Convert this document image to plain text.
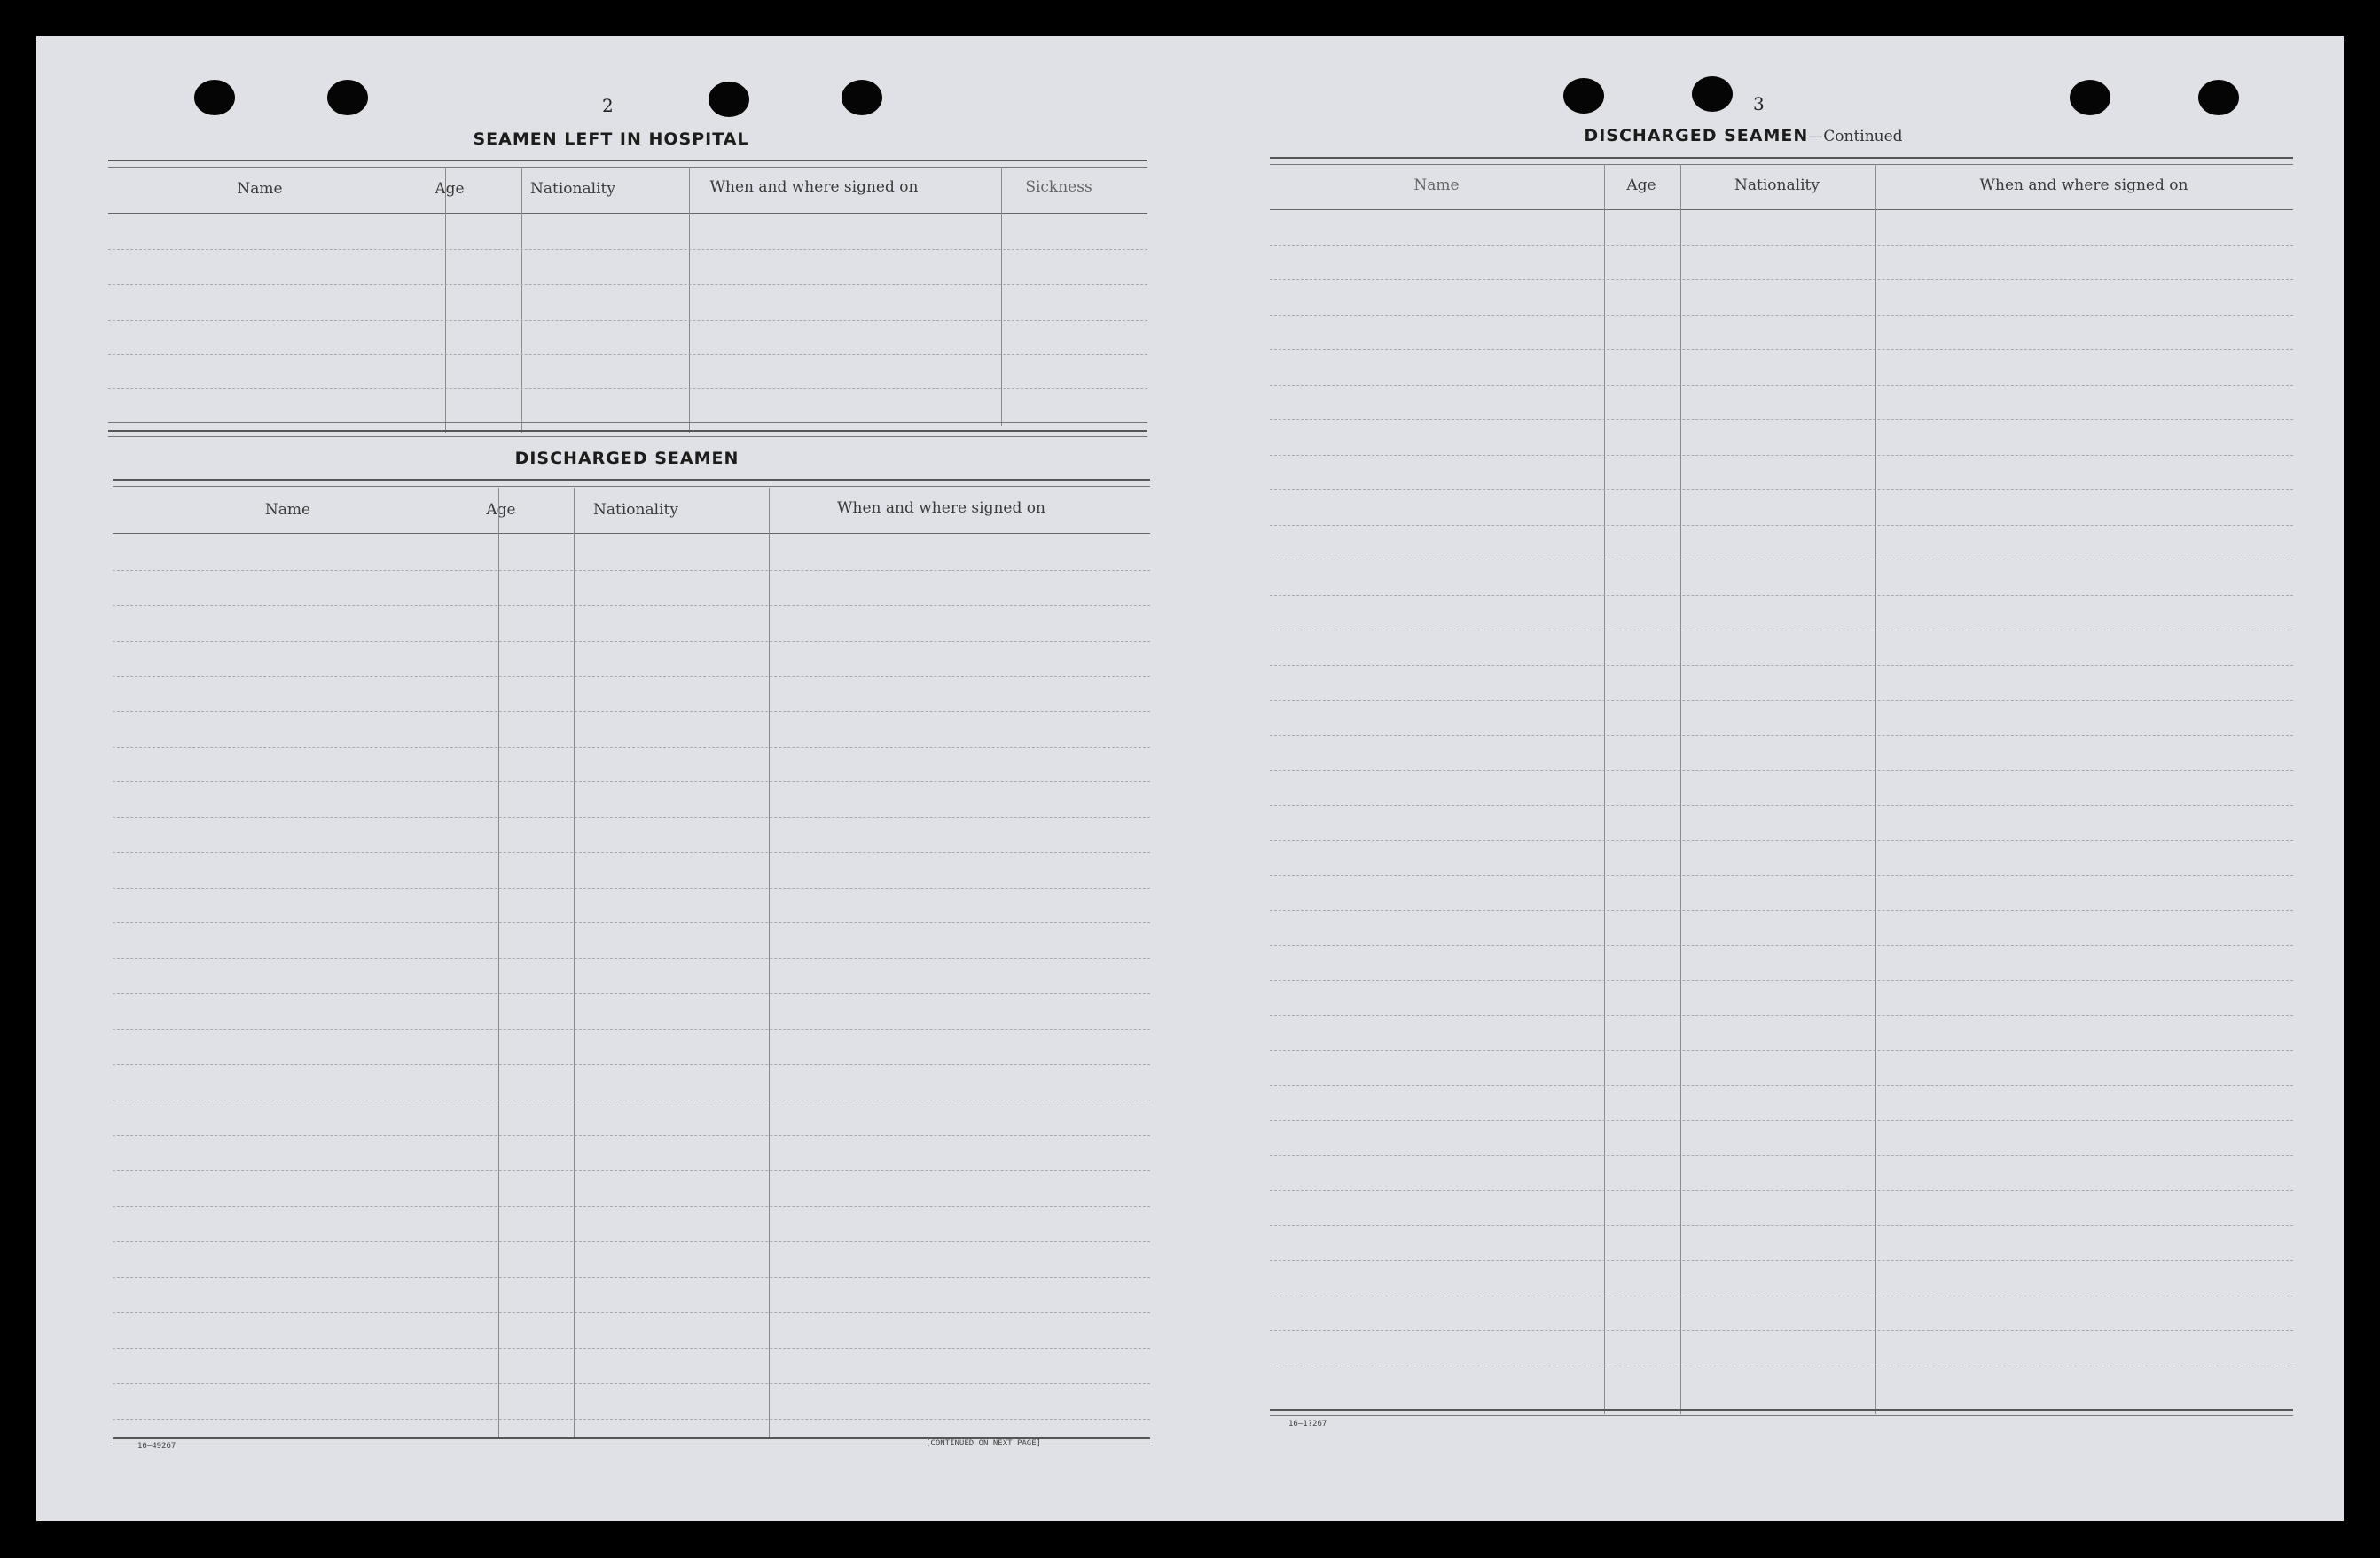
2
SEAMEN LEFT IN HOSPITAL
Name	Age	Nationality	When and where signed on	Sickness
DISCHARGED SEAMEN
Name	Age	Nationality	When and where signed on
16—49267	[CONTINUED ON NEXT PAGE]
3
DISCHARGED SEAMEN—Continued
Name	Age	Nationality	When and where signed on
16—1?267
